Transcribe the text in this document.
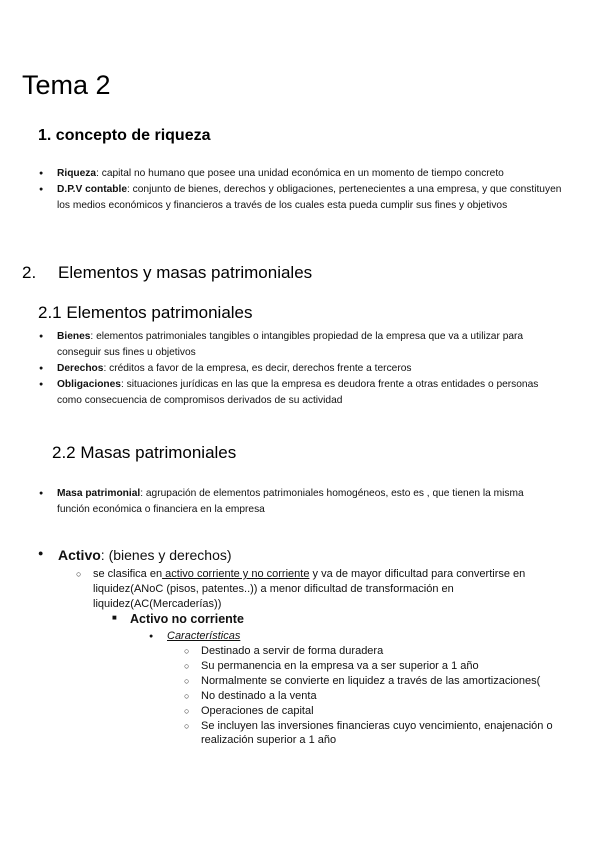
Tema 2
1. concepto de riqueza
● Riqueza: capital no humano que posee una unidad económica en un momento de tiempo concreto
● D.P.V contable: conjunto de bienes, derechos y obligaciones, pertenecientes a una empresa, y que constituyen los medios económicos y financieros a través de los cuales esta pueda cumplir sus fines y objetivos
2. Elementos y masas patrimoniales
2.1 Elementos patrimoniales
● Bienes: elementos patrimoniales tangibles o intangibles propiedad de la empresa que va a utilizar para conseguir sus fines u objetivos
● Derechos: créditos a favor de la empresa, es decir, derechos frente a terceros
● Obligaciones: situaciones jurídicas en las que la empresa es deudora frente a otras entidades o personas como consecuencia de compromisos derivados de su actividad
2.2 Masas patrimoniales
● Masa patrimonial: agrupación de elementos patrimoniales homogéneos, esto es , que tienen la misma función económica o financiera en la empresa
● Activo: (bienes y derechos)
○ se clasifica en activo corriente y no corriente y va de mayor dificultad para convertirse en liquidez(ANoC (pisos, patentes..)) a menor dificultad de transformación en liquidez(AC(Mercaderías))
■ Activo no corriente
● Características
○ Destinado a servir de forma duradera
○ Su permanencia en la empresa va a ser superior a 1 año
○ Normalmente se convierte en liquidez a través de las amortizaciones(
○ No destinado a la venta
○ Operaciones de capital
○ Se incluyen las inversiones financieras cuyo vencimiento, enajenación o realización superior a 1 año
